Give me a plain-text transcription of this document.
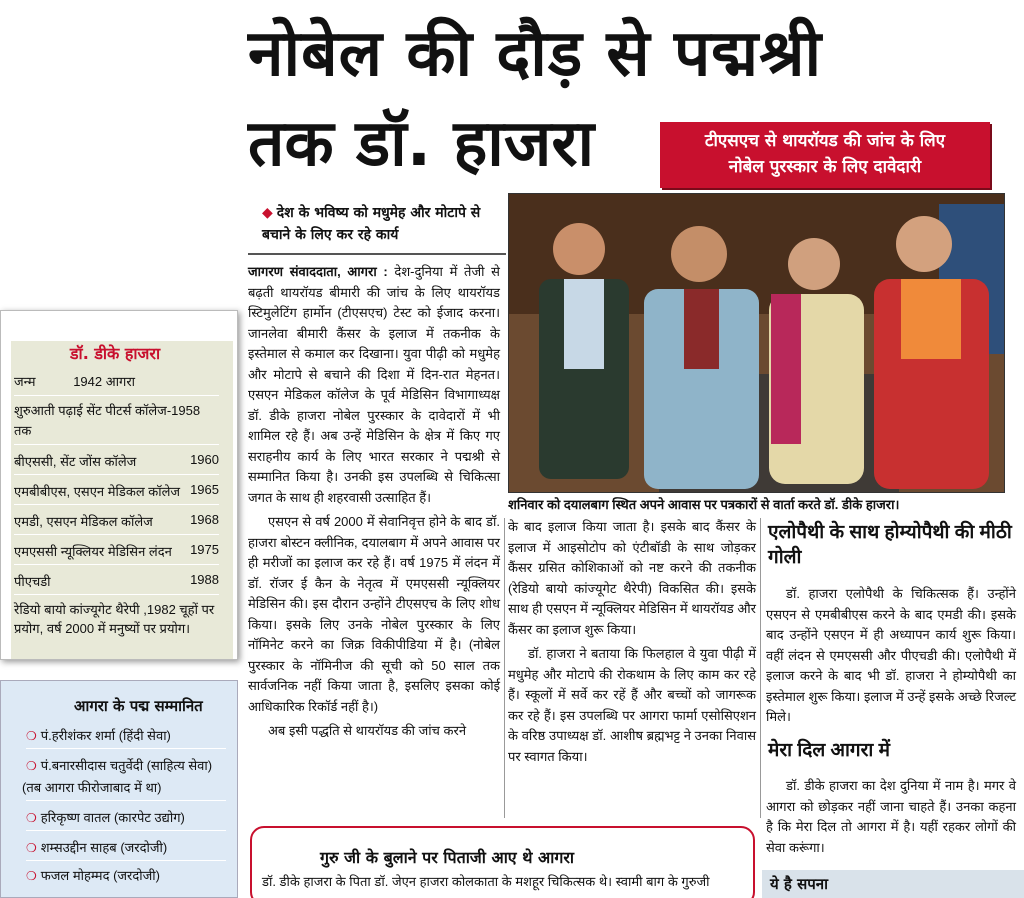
नोबेल की दौड़ से पद्मश्री
तक डॉ. हाजरा	टीएसएच से थायरॉयड की जांच के लिए
नोबेल पुरस्कार के लिए दावेदारी
◆ देश के भविष्य को मधुमेह और मोटापे से बचाने के लिए कर रहे कार्य

जागरण संवाददाता, आगरा : देश-दुनिया में तेजी से बढ़ती थायरॉयड बीमारी की जांच के लिए थायरॉयड स्टिमुलेटिंग हार्मोन (टीएसएच) टेस्ट को ईजाद करना। जानलेवा बीमारी कैंसर के इलाज में तकनीक के इस्तेमाल से कमाल कर दिखाना। युवा पीढ़ी को मधुमेह और मोटापे से बचाने की दिशा में दिन-रात मेहनत। एसएन मेडिकल कॉलेज के पूर्व मेडिसिन विभागाध्यक्ष डॉ. डीके हाजरा नोबेल पुरस्कार के दावेदारों में भी शामिल रहे हैं। अब उन्हें मेडिसिन के क्षेत्र में किए गए सराहनीय कार्य के लिए भारत सरकार ने पद्मश्री से सम्मानित किया है। उनकी इस उपलब्धि से चिकित्सा जगत के साथ ही शहरवासी उत्साहित हैं।

एसएन से वर्ष 2000 में सेवानिवृत्त होने के बाद डॉ. हाजरा बोस्टन क्लीनिक, दयालबाग में अपने आवास पर ही मरीजों का इलाज कर रहे हैं। वर्ष 1975 में लंदन में डॉ. रॉजर ई कैन के नेतृत्व में एमएससी न्यूक्लियर मेडिसिन की। इस दौरान उन्होंने टीएसएच के लिए शोध किया। इसके लिए उनके नोबेल पुरस्कार के लिए नॉमिनेट करने का जिक्र विकीपीडिया में है। (नोबेल पुरस्कार के नॉमिनीज की सूची को 50 साल तक सार्वजनिक नहीं किया जाता है, इसलिए इसका कोई आधिकारिक रिकॉर्ड नहीं है।)

अब इसी पद्धति से थायरॉयड की जांच करने

शनिवार को दयालबाग स्थित अपने आवास पर पत्रकारों से वार्ता करते डॉ. डीके हाजरा।

के बाद इलाज किया जाता है। इसके बाद कैंसर के इलाज में आइसोटोप को एंटीबॉडी के साथ जोड़कर कैंसर ग्रसित कोशिकाओं को नष्ट करने की तकनीक (रेडियो बायो कांज्यूगेट थैरेपी) विकसित की। इसके साथ ही एसएन में न्यूक्लियर मेडिसिन में थायरॉयड और कैंसर का इलाज शुरू किया।

डॉ. हाजरा ने बताया कि फिलहाल वे युवा पीढ़ी में मधुमेह और मोटापे की रोकथाम के लिए काम कर रहे हैं। स्कूलों में सर्वे कर रहें हैं और बच्चों को जागरूक कर रहे हैं। इस उपलब्धि पर आगरा फार्मा एसोसिएशन के वरिष्ठ उपाध्यक्ष डॉ. आशीष ब्रह्मभट्ट ने उनका निवास पर स्वागत किया।

एलोपैथी के साथ होम्योपैथी की मीठी गोली

डॉ. हाजरा एलोपैथी के चिकित्सक हैं। उन्होंने एसएन से एमबीबीएस करने के बाद एमडी की। इसके बाद उन्होंने एसएन में ही अध्यापन कार्य शुरू किया। वहीं लंदन से एमएससी और पीएचडी की। एलोपैथी में इलाज करने के बाद भी डॉ. हाजरा ने होम्योपैथी का इस्तेमाल शुरू किया। इलाज में उन्हें इसके अच्छे रिजल्ट मिले।

मेरा दिल आगरा में

डॉ. डीके हाजरा का देश दुनिया में नाम है। मगर वे आगरा को छोड़कर नहीं जाना चाहते हैं। उनका कहना है कि मेरा दिल तो आगरा में है। यहीं रहकर लोगों की सेवा करूंगा।

ये है सपना
डॉ. डीके हाजरा
जन्म	1942 आगरा
शुरुआती पढ़ाई सेंट पीटर्स कॉलेज-1958 तक
बीएससी, सेंट जोंस कॉलेज	1960
एमबीबीएस, एसएन मेडिकल कॉलेज 1965
एमडी, एसएन मेडिकल कॉलेज	1968
एमएससी न्यूक्लियर मेडिसिन लंदन 1975
पीएचडी	1988
रेडियो बायो कांज्यूगेट थैरेपी ,1982 चूहों पर प्रयोग, वर्ष 2000 में मनुष्यों पर प्रयोग।
आगरा के पद्म सम्मानित
❍ पं.हरीशंकर शर्मा (हिंदी सेवा)
❍ पं.बनारसीदास चतुर्वेदी (साहित्य सेवा)
(तब आगरा फीरोजाबाद में था)
❍ हरिकृष्ण वातल (कारपेट उद्योग)
❍ शम्सउद्दीन साहब (जरदोजी)
❍ फजल मोहम्मद (जरदोजी)
गुरु जी के बुलाने पर पिताजी आए थे आगरा
डॉ. डीके हाजरा के पिता डॉ. जेएन हाजरा कोलकाता के मशहूर चिकित्सक थे। स्वामी बाग के गुरुजी
